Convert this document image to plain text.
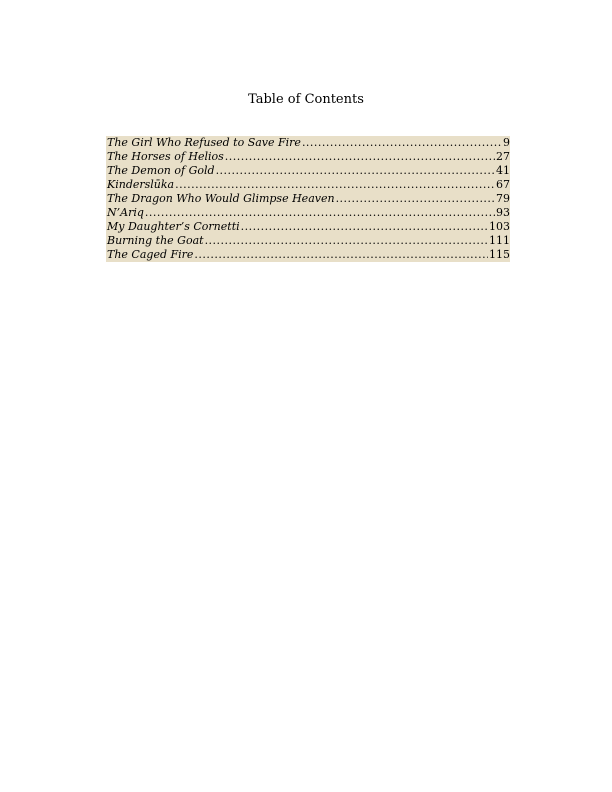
Table of Contents
The Girl Who Refused to Save Fire .....	9
The Horses of Helios .....	27
The Demon of Gold .....	41
Kinderslūka .....	67
The Dragon Who Would Glimpse Heaven .....	79
N’Ariq .....	93
My Daughter’s Cornetti .....	103
Burning the Goat .....	111
The Caged Fire .....	115
